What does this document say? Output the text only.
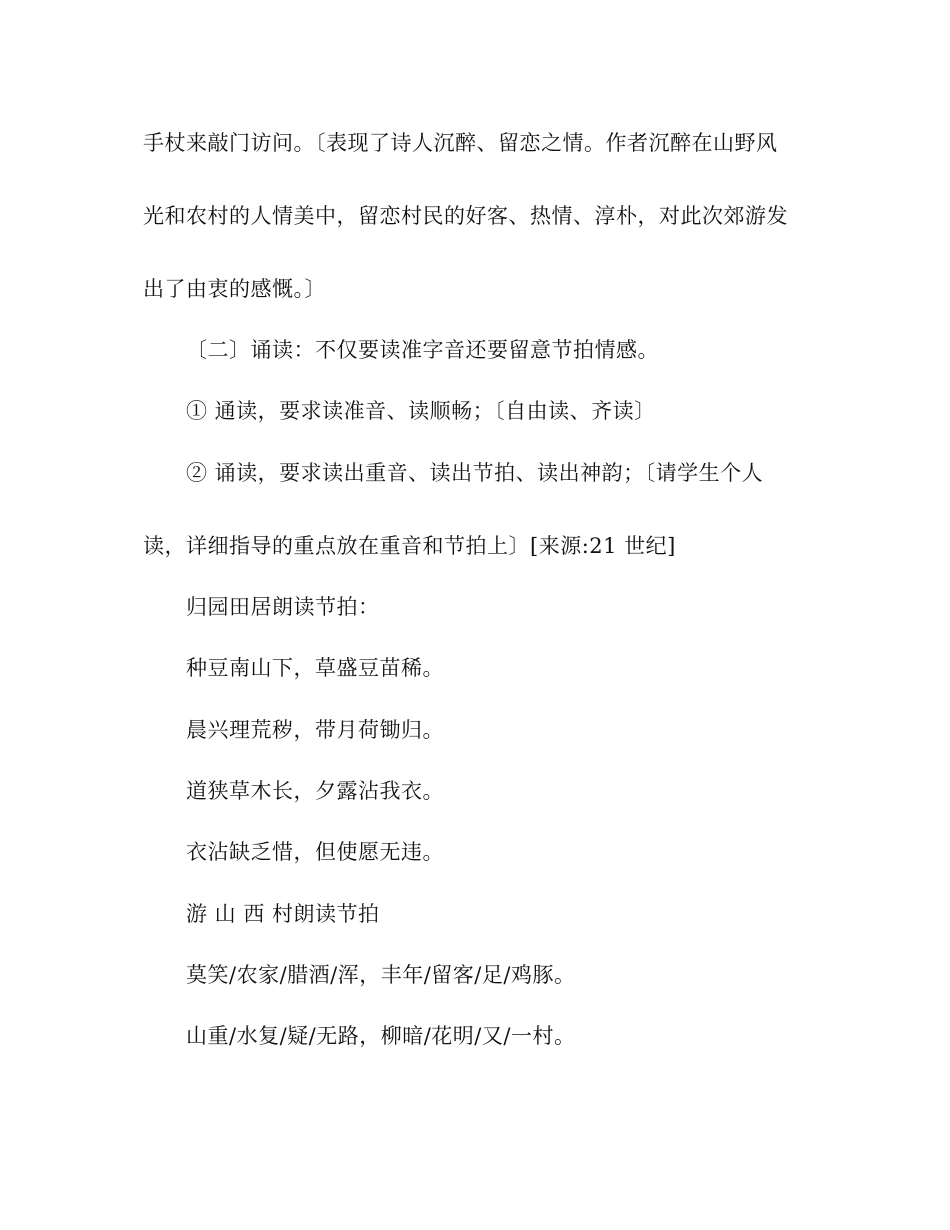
手杖来敲门访问。〔表现了诗人沉醉、留恋之情。作者沉醉在山野风
光和农村的人情美中，留恋村民的好客、热情、淳朴，对此次郊游发
出了由衷的感慨。〕
〔二〕诵读：不仅要读准字音还要留意节拍情感。
① 通读，要求读准音、读顺畅；〔自由读、齐读〕
② 诵读，要求读出重音、读出节拍、读出神韵；〔请学生个人
读，详细指导的重点放在重音和节拍上〕[来源:21 世纪]
归园田居朗读节拍：
种豆南山下，草盛豆苗稀。
晨兴理荒秽，带月荷锄归。
道狭草木长，夕露沾我衣。
衣沾缺乏惜，但使愿无违。
游 山 西 村朗读节拍
莫笑/农家/腊酒/浑，丰年/留客/足/鸡豚。
山重/水复/疑/无路，柳暗/花明/又/一村。
